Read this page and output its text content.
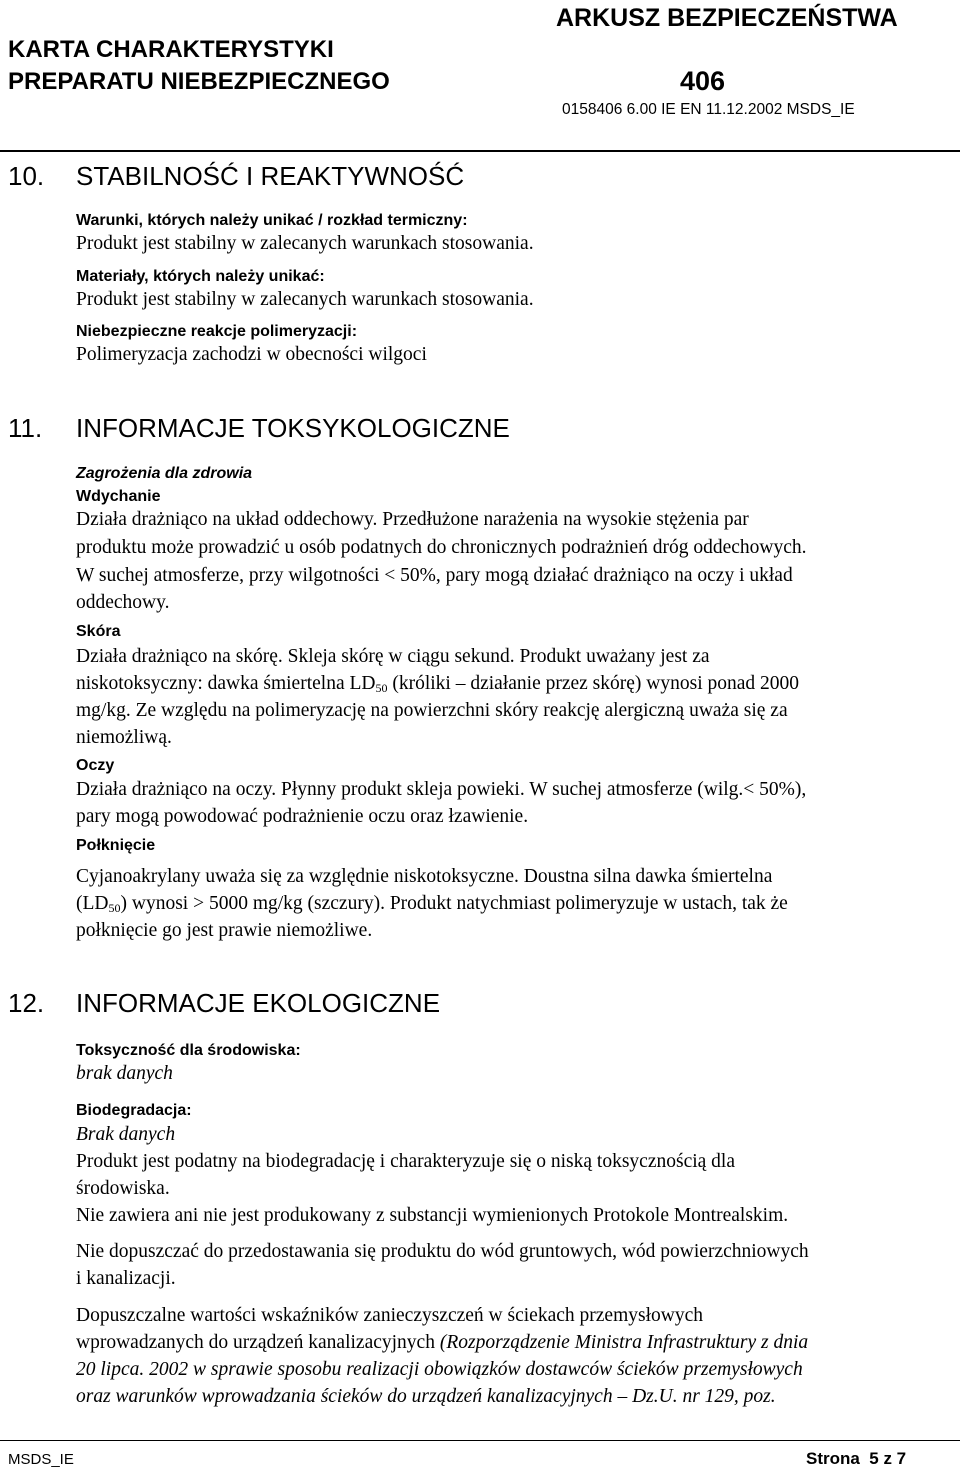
KARTA CHARAKTERYSTYKI
PREPARATU NIEBEZPIECZNEGO
ARKUSZ BEZPIECZEŃSTWA
406
0158406 6.00 IE EN 11.12.2002 MSDS_IE
10. STABILNOŚĆ I REAKTYWNOŚĆ
Warunki, których należy unikać / rozkład termiczny:
Produkt jest stabilny w zalecanych warunkach stosowania.
Materiały, których należy unikać:
Produkt jest stabilny w zalecanych warunkach stosowania.
Niebezpieczne reakcje polimeryzacji:
Polimeryzacja zachodzi w obecności wilgoci
11. INFORMACJE TOKSYKOLOGICZNE
Zagrożenia dla zdrowia
Wdychanie
Działa drażniąco na układ oddechowy. Przedłużone narażenia na wysokie stężenia par
produktu może prowadzić u osób podatnych do chronicznych podrażnień dróg oddechowych.
W suchej atmosferze, przy wilgotności < 50%, pary mogą działać drażniąco na oczy i układ
oddechowy.
Skóra
Działa drażniąco na skórę. Skleja skórę w ciągu sekund. Produkt uważany jest za
niskotoksyczny: dawka śmiertelna $LD_{50}$ (króliki – działanie przez skórę) wynosi ponad 2000
mg/kg. Ze względu na polimeryzację na powierzchni skóry reakcję alergiczną uważa się za
niemożliwą.
Oczy
Działa drażniąco na oczy. Płynny produkt skleja powieki. W suchej atmosferze (wilg.< 50%),
pary mogą powodować podrażnienie oczu oraz łzawienie.
Połknięcie
Cyjanoakrylany uważa się za względnie niskotoksyczne. Doustna silna dawka śmiertelna
$(LD_{50})$ wynosi > 5000 mg/kg (szczury). Produkt natychmiast polimeryzuje w ustach, tak że
połknięcie go jest prawie niemożliwe.
12. INFORMACJE EKOLOGICZNE
Toksyczność dla środowiska:
brak danych
Biodegradacja:
Brak danych
Produkt jest podatny na biodegradację i charakteryzuje się o niską toksycznością dla
środowiska.
Nie zawiera ani nie jest produkowany z substancji wymienionych Protokole Montrealskim.
Nie dopuszczać do przedostawania się produktu do wód gruntowych, wód powierzchniowych
i kanalizacji.
Dopuszczalne wartości wskaźników zanieczyszczeń w ściekach przemysłowych
wprowadzanych do urządzeń kanalizacyjnych (Rozporządzenie Ministra Infrastruktury z dnia
20 lipca. 2002 w sprawie sposobu realizacji obowiązków dostawców ścieków przemysłowych
oraz warunków wprowadzania ścieków do urządzeń kanalizacyjnych – Dz.U. nr 129, poz.
MSDS_IE	Strona  5 z 7
